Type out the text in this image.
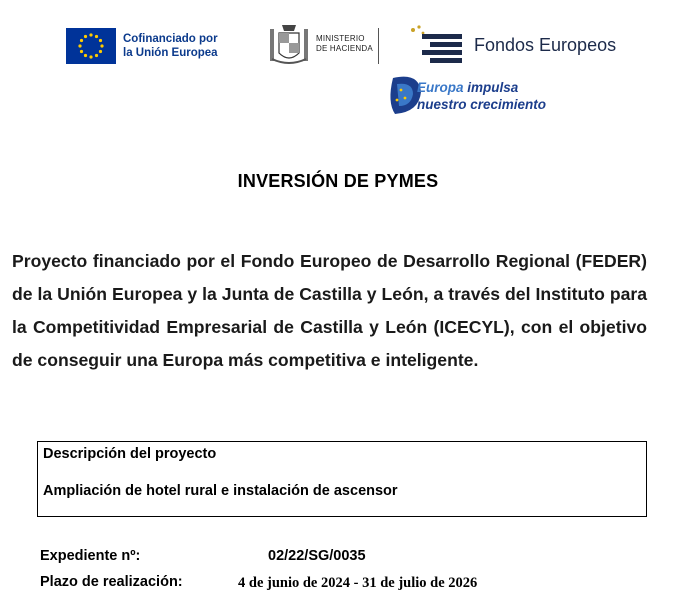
Cofinanciado por
la Unión Europea
MINISTERIO
DE HACIENDA	Fondos Europeos
Europa impulsa
nuestro crecimiento
INVERSIÓN DE PYMES

Proyecto financiado por el Fondo Europeo de Desarrollo Regional (FEDER) de la Unión Europea y la Junta de Castilla y León, a través del Instituto para la Competitividad Empresarial de Castilla y León (ICECYL), con el objetivo de conseguir una Europa más competitiva e inteligente.

Descripción del proyecto
Ampliación de hotel rural e instalación de ascensor
Expediente nº:	02/22/SG/0035
Plazo de realización:	4 de junio de 2024 - 31 de julio de 2026
